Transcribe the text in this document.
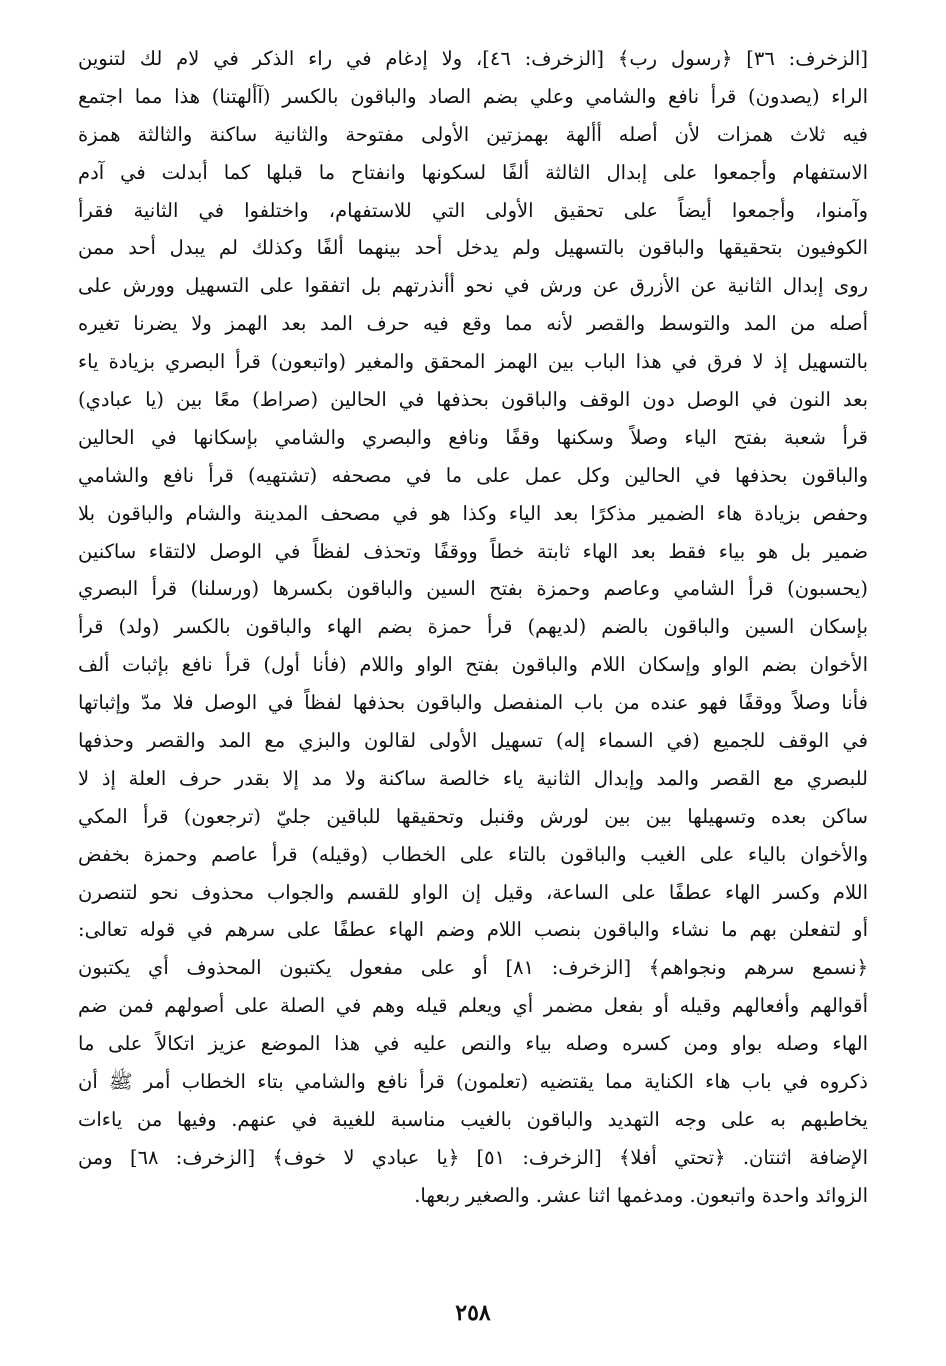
[الزخرف: ٣٦] ﴿رسول رب﴾ [الزخرف: ٤٦]، ولا إدغام في راء الذكر في لام لك لتنوين
الراء (يصدون) قرأ نافع والشامي وعلي بضم الصاد والباقون بالكسر (آألهتنا) هذا مما اجتمع
فيه ثلاث همزات لأن أصله أألهة بهمزتين الأولى مفتوحة والثانية ساكنة والثالثة همزة
الاستفهام وأجمعوا على إبدال الثالثة ألفًا لسكونها وانفتاح ما قبلها كما أبدلت في آدم
وآمنوا، وأجمعوا أيضاً على تحقيق الأولى التي للاستفهام، واختلفوا في الثانية فقرأ
الكوفيون بتحقيقها والباقون بالتسهيل ولم يدخل أحد بينهما ألفًا وكذلك لم يبدل أحد ممن
روى إبدال الثانية عن الأزرق عن ورش في نحو أأنذرتهم بل اتفقوا على التسهيل وورش على
أصله من المد والتوسط والقصر لأنه مما وقع فيه حرف المد بعد الهمز ولا يضرنا تغيره
بالتسهيل إذ لا فرق في هذا الباب بين الهمز المحقق والمغير (واتبعون) قرأ البصري بزيادة ياء
بعد النون في الوصل دون الوقف والباقون بحذفها في الحالين (صراط) معًا بين (يا عبادي)
قرأ شعبة بفتح الياء وصلاً وسكنها وقفًا ونافع والبصري والشامي بإسكانها في الحالين
والباقون بحذفها في الحالين وكل عمل على ما في مصحفه (تشتهيه) قرأ نافع والشامي
وحفص بزيادة هاء الضمير مذكرًا بعد الياء وكذا هو في مصحف المدينة والشام والباقون بلا
ضمير بل هو بياء فقط بعد الهاء ثابتة خطاً ووقفًا وتحذف لفظاً في الوصل لالتقاء ساكنين
(يحسبون) قرأ الشامي وعاصم وحمزة بفتح السين والباقون بكسرها (ورسلنا) قرأ البصري
بإسكان السين والباقون بالضم (لديهم) قرأ حمزة بضم الهاء والباقون بالكسر (ولد) قرأ
الأخوان بضم الواو وإسكان اللام والباقون بفتح الواو واللام (فأنا أول) قرأ نافع بإثبات ألف
فأنا وصلاً ووقفًا فهو عنده من باب المنفصل والباقون بحذفها لفظاً في الوصل فلا مدّ وإثباتها
في الوقف للجميع (في السماء إله) تسهيل الأولى لقالون والبزي مع المد والقصر وحذفها
للبصري مع القصر والمد وإبدال الثانية ياء خالصة ساكنة ولا مد إلا بقدر حرف العلة إذ لا
ساكن بعده وتسهيلها بين بين لورش وقنبل وتحقيقها للباقين جليّ (ترجعون) قرأ المكي
والأخوان بالياء على الغيب والباقون بالتاء على الخطاب (وقيله) قرأ عاصم وحمزة بخفض
اللام وكسر الهاء عطفًا على الساعة، وقيل إن الواو للقسم والجواب محذوف نحو لتنصرن
أو لتفعلن بهم ما نشاء والباقون بنصب اللام وضم الهاء عطفًا على سرهم في قوله تعالى:
﴿نسمع سرهم ونجواهم﴾ [الزخرف: ٨١] أو على مفعول يكتبون المحذوف أي يكتبون
أقوالهم وأفعالهم وقيله أو بفعل مضمر أي ويعلم قيله وهم في الصلة على أصولهم فمن ضم
الهاء وصله بواو ومن كسره وصله بياء والنص عليه في هذا الموضع عزيز اتكالاً على ما
ذكروه في باب هاء الكناية مما يقتضيه (تعلمون) قرأ نافع والشامي بتاء الخطاب أمر ﷺ أن
يخاطبهم به على وجه التهديد والباقون بالغيب مناسبة للغيبة في عنهم. وفيها من ياءات
الإضافة اثنتان. ﴿تحتي أفلا﴾ [الزخرف: ٥١] ﴿يا عبادي لا خوف﴾ [الزخرف: ٦٨] ومن
الزوائد واحدة واتبعون. ومدغمها اثنا عشر. والصغير ربعها.
٢٥٨
